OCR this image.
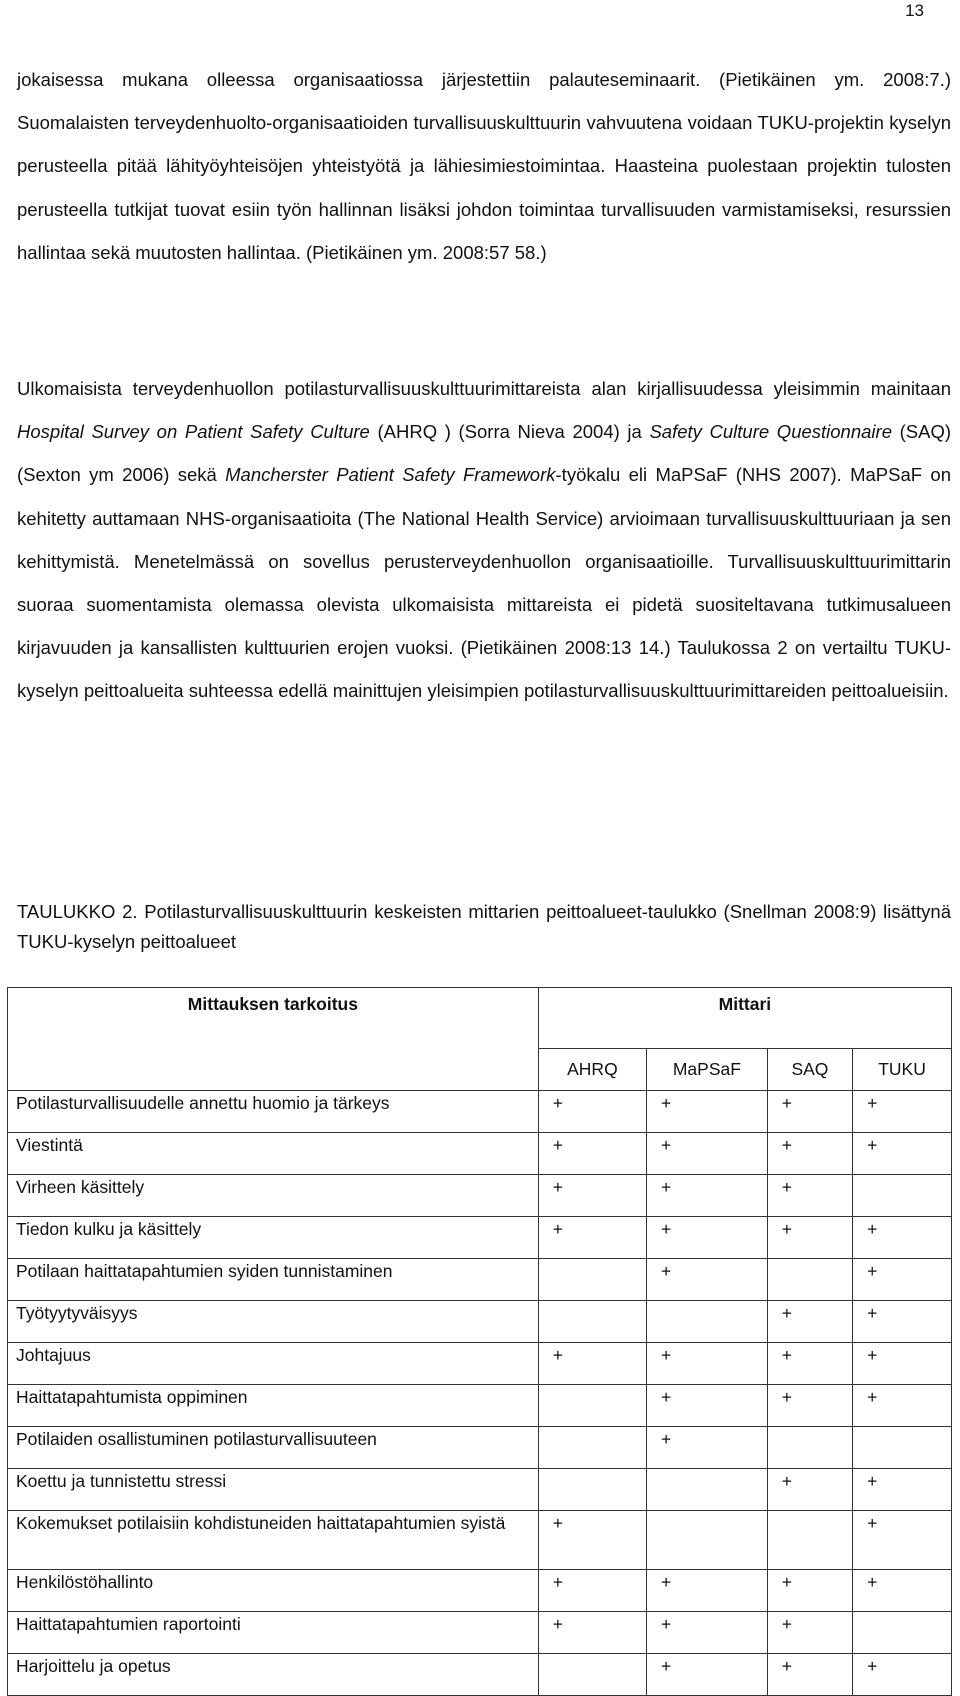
13

jokaisessa mukana olleessa organisaatiossa järjestettiin palauteseminaarit. (Pietikäinen ym. 2008:7.) Suomalaisten terveydenhuolto-organisaatioiden turvallisuuskulttuurin vahvuutena voidaan TUKU-projektin kyselyn perusteella pitää lähityöyhteisöjen yhteistyötä ja lähiesimiestoimintaa. Haasteina puolestaan projektin tulosten perusteella tutkijat tuovat esiin työn hallinnan lisäksi johdon toimintaa turvallisuuden varmistamiseksi, resurssien hallintaa sekä muutosten hallintaa. (Pietikäinen ym. 2008:57 58.)

Ulkomaisista terveydenhuollon potilasturvallisuuskulttuurimittareista alan kirjallisuudessa yleisimmin mainitaan Hospital Survey on Patient Safety Culture (AHRQ ) (Sorra Nieva 2004) ja Safety Culture Questionnaire (SAQ) (Sexton ym 2006) sekä Mancherster Patient Safety Framework-työkalu eli MaPSaF (NHS 2007). MaPSaF on kehitetty auttamaan NHS-organisaatioita (The National Health Service) arvioimaan turvallisuuskulttuuriaan ja sen kehittymistä. Menetelmässä on sovellus perusterveydenhuollon organisaatioille. Turvallisuuskulttuurimittarin suoraa suomentamista olemassa olevista ulkomaisista mittareista ei pidetä suositeltavana tutkimusalueen kirjavuuden ja kansallisten kulttuurien erojen vuoksi. (Pietikäinen 2008:13 14.) Taulukossa 2 on vertailtu TUKU-kyselyn peittoalueita suhteessa edellä mainittujen yleisimpien potilasturvallisuuskulttuurimittareiden peittoalueisiin.

TAULUKKO 2. Potilasturvallisuuskulttuurin keskeisten mittarien peittoalueet-taulukko (Snellman 2008:9) lisättynä TUKU-kyselyn peittoalueet

Mittauksen tarkoitus	Mittari			
	AHRQ	MaPSaF	SAQ	TUKU
Potilasturvallisuudelle annettu huomio ja tärkeys	+	+	+	+
Viestintä	+	+	+	+
Virheen käsittely	+	+	+	
Tiedon kulku ja käsittely	+	+	+	+
Potilaan haittatapahtumien syiden tunnistaminen		+		+
Työtyytyväisyys			+	+
Johtajuus	+	+	+	+
Haittatapahtumista oppiminen		+	+	+
Potilaiden osallistuminen potilasturvallisuuteen		+		
Koettu ja tunnistettu stressi			+	+
Kokemukset potilaisiin kohdistuneiden haittatapahtumien syistä	+			+
Henkilöstöhallinto	+	+	+	+
Haittatapahtumien raportointi	+	+	+	
Harjoittelu ja opetus		+	+	+
